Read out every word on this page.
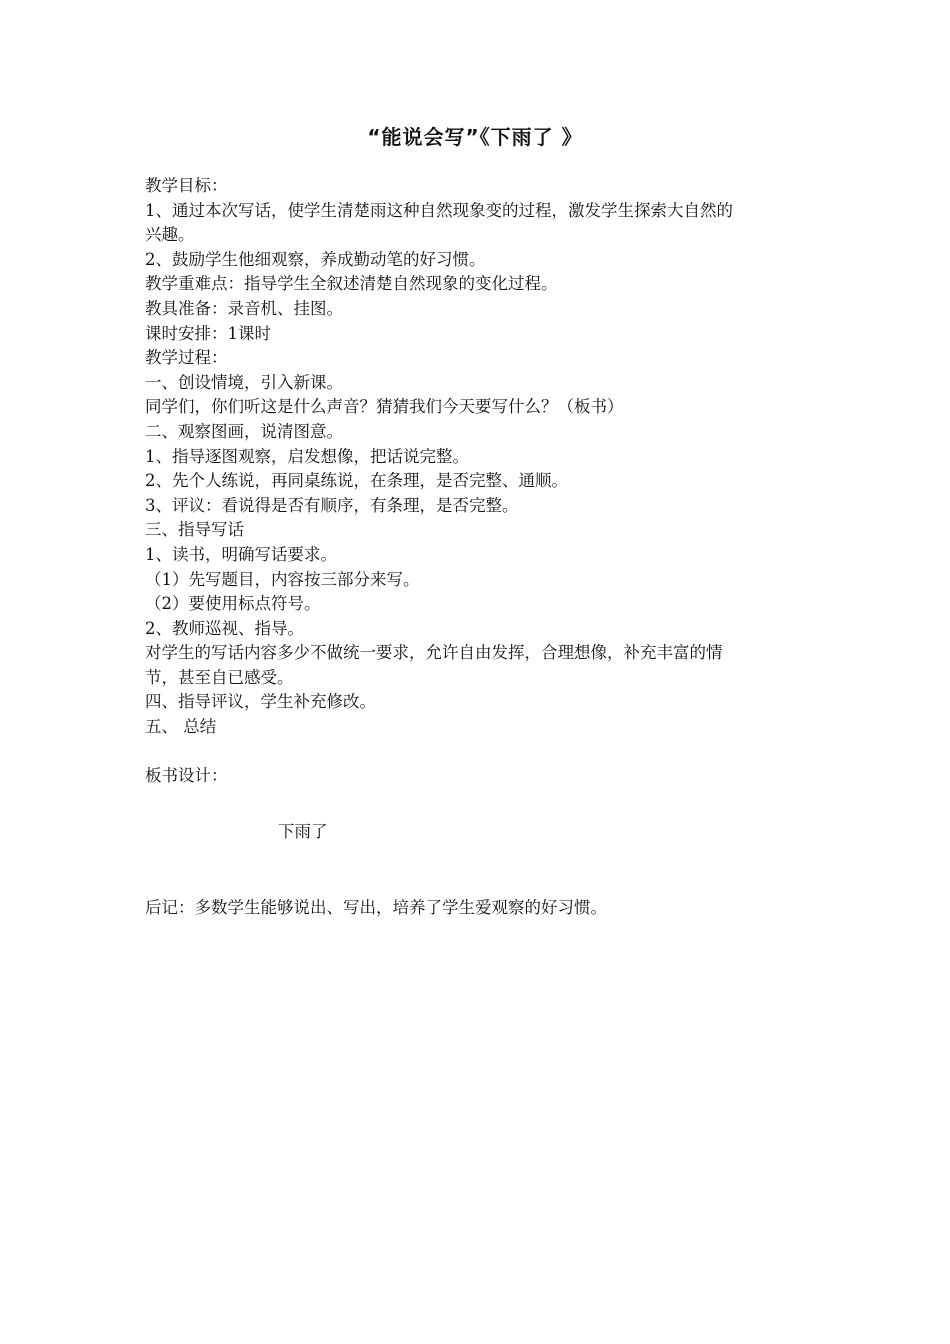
“能说会写”《下雨了 》
教学目标：
1、通过本次写话，使学生清楚雨这种自然现象变的过程，激发学生探索大自然的
兴趣。
2、鼓励学生他细观察，养成勤动笔的好习惯。
教学重难点：指导学生全叙述清楚自然现象的变化过程。
教具准备：录音机、挂图。
课时安排：1课时
教学过程：
一、创设情境，引入新课。
同学们，你们听这是什么声音？猜猜我们今天要写什么？（板书）
二、观察图画，说清图意。
1、指导逐图观察，启发想像，把话说完整。
2、先个人练说，再同桌练说，在条理，是否完整、通顺。
3、评议：看说得是否有顺序，有条理，是否完整。
三、指导写话
1、读书，明确写话要求。
（1）先写题目，内容按三部分来写。
（2）要使用标点符号。
2、教师巡视、指导。
对学生的写话内容多少不做统一要求，允许自由发挥，合理想像，补充丰富的情
节，甚至自已感受。
四、指导评议，学生补充修改。
五、 总结
板书设计：
下雨了
后记：多数学生能够说出、写出，培养了学生爱观察的好习惯。
